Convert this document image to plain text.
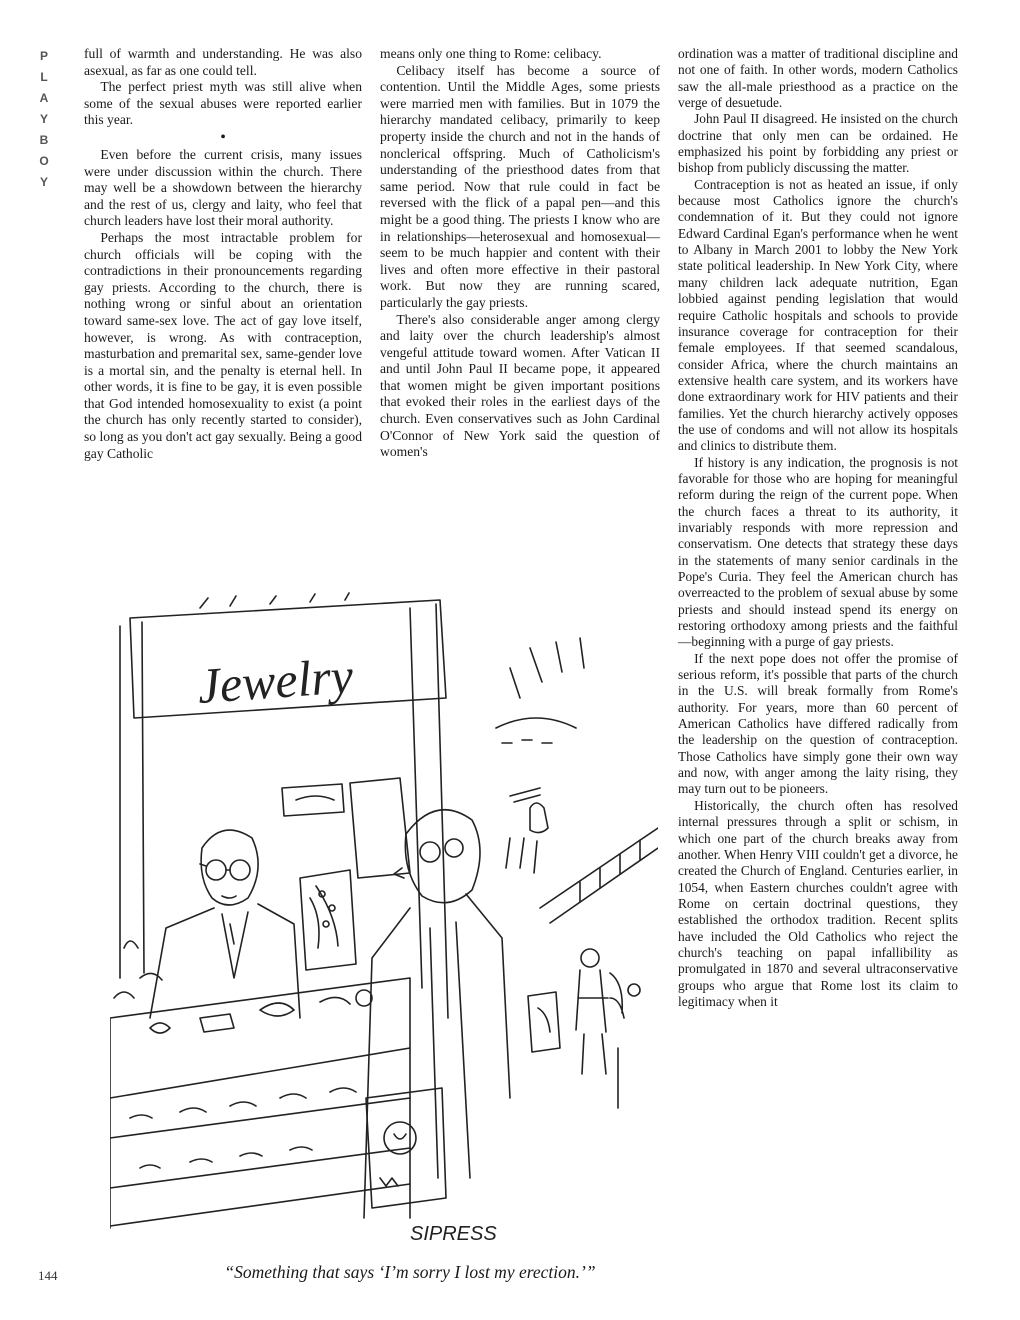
P
L
A
Y
B
O
Y

full of warmth and understanding. He was also asexual, as far as one could tell.

The perfect priest myth was still alive when some of the sexual abuses were reported earlier this year.

•

Even before the current crisis, many issues were under discussion within the church. There may well be a showdown between the hierarchy and the rest of us, clergy and laity, who feel that church leaders have lost their moral authority.

Perhaps the most intractable problem for church officials will be coping with the contradictions in their pronouncements regarding gay priests. According to the church, there is nothing wrong or sinful about an orientation toward same-sex love. The act of gay love itself, however, is wrong. As with contraception, masturbation and premarital sex, same-gender love is a mortal sin, and the penalty is eternal hell. In other words, it is fine to be gay, it is even possible that God intended homosexuality to exist (a point the church has only recently started to consider), so long as you don't act gay sexually. Being a good gay Catholic

means only one thing to Rome: celibacy.

Celibacy itself has become a source of contention. Until the Middle Ages, some priests were married men with families. But in 1079 the hierarchy mandated celibacy, primarily to keep property inside the church and not in the hands of nonclerical offspring. Much of Catholicism's understanding of the priesthood dates from that same period. Now that rule could in fact be reversed with the flick of a papal pen—and this might be a good thing. The priests I know who are in relationships—heterosexual and homosexual—seem to be much happier and content with their lives and often more effective in their pastoral work. But now they are running scared, particularly the gay priests.

There's also considerable anger among clergy and laity over the church leadership's almost vengeful attitude toward women. After Vatican II and until John Paul II became pope, it appeared that women might be given important positions that evoked their roles in the earliest days of the church. Even conservatives such as John Cardinal O'Connor of New York said the question of women's

ordination was a matter of traditional discipline and not one of faith. In other words, modern Catholics saw the all-male priesthood as a practice on the verge of desuetude.

John Paul II disagreed. He insisted on the church doctrine that only men can be ordained. He emphasized his point by forbidding any priest or bishop from publicly discussing the matter.

Contraception is not as heated an issue, if only because most Catholics ignore the church's condemnation of it. But they could not ignore Edward Cardinal Egan's performance when he went to Albany in March 2001 to lobby the New York state political leadership. In New York City, where many children lack adequate nutrition, Egan lobbied against pending legislation that would require Catholic hospitals and schools to provide insurance coverage for contraception for their female employees. If that seemed scandalous, consider Africa, where the church maintains an extensive health care system, and its workers have done extraordinary work for HIV patients and their families. Yet the church hierarchy actively opposes the use of condoms and will not allow its hospitals and clinics to distribute them.

If history is any indication, the prognosis is not favorable for those who are hoping for meaningful reform during the reign of the current pope. When the church faces a threat to its authority, it invariably responds with more repression and conservatism. One detects that strategy these days in the statements of many senior cardinals in the Pope's Curia. They feel the American church has overreacted to the problem of sexual abuse by some priests and should instead spend its energy on restoring orthodoxy among priests and the faithful—beginning with a purge of gay priests.

If the next pope does not offer the promise of serious reform, it's possible that parts of the church in the U.S. will break formally from Rome's authority. For years, more than 60 percent of American Catholics have differed radically from the leadership on the question of contraception. Those Catholics have simply gone their own way and now, with anger among the laity rising, they may turn out to be pioneers.

Historically, the church often has resolved internal pressures through a split or schism, in which one part of the church breaks away from another. When Henry VIII couldn't get a divorce, he created the Church of England. Centuries earlier, in 1054, when Eastern churches couldn't agree with Rome on certain doctrinal questions, they established the orthodox tradition. Recent splits have included the Old Catholics who reject the church's teaching on papal infallibility as promulgated in 1870 and several ultraconservative groups who argue that Rome lost its claim to legitimacy when it

Jewelry
SIPRESS
“Something that says ‘I’m sorry I lost my erection.’”
144
